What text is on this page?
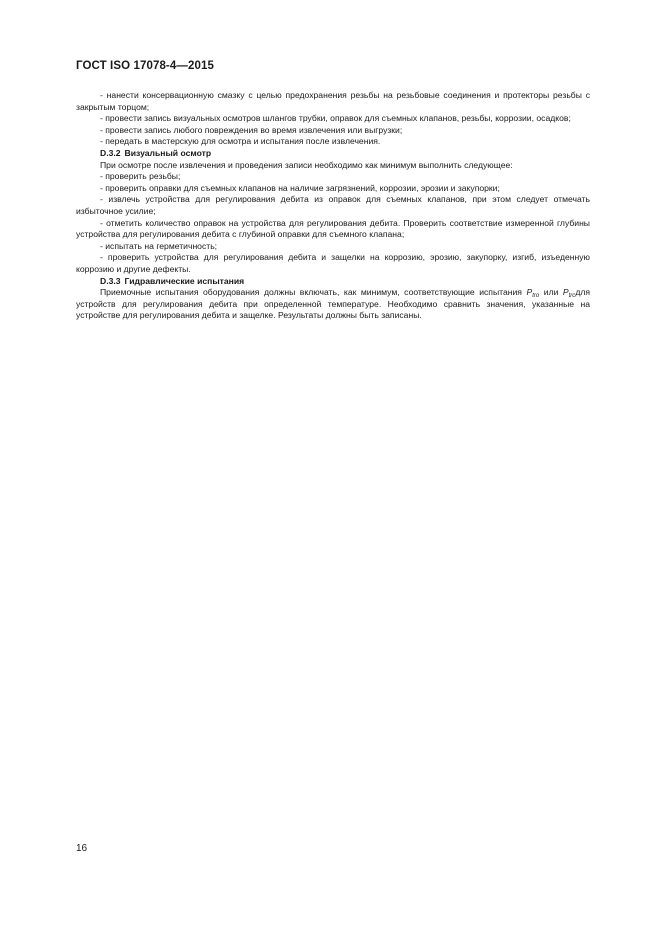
ГОСТ ISO 17078-4—2015

- нанести консервационную смазку с целью предохранения резьбы на резьбовые соединения и протекторы резьбы с закрытым торцом;

- провести запись визуальных осмотров шлангов трубки, оправок для съемных клапанов, резьбы, коррозии, осадков;

- провести запись любого повреждения во время извлечения или выгрузки;

- передать в мастерскую для осмотра и испытания после извлечения.

D.3.2 Визуальный осмотр

При осмотре после извлечения и проведения записи необходимо как минимум выполнить следующее:

- проверить резьбы;

- проверить оправки для съемных клапанов на наличие загрязнений, коррозии, эрозии и закупорки;

- извлечь устройства для регулирования дебита из оправок для съемных клапанов, при этом следует отмечать избыточное усилие;

- отметить количество оправок на устройства для регулирования дебита. Проверить соответствие измеренной глубины устройства для регулирования дебита с глубиной оправки для съемного клапана;

- испытать на герметичность;

- проверить устройства для регулирования дебита и защелки на коррозию, эрозию, закупорку, изгиб, изъеденную коррозию и другие дефекты.

D.3.3 Гидравлические испытания

Приемочные испытания оборудования должны включать, как минимум, соответствующие испытания $P_{tro}$ или $P_{trc}для$ устройств для регулирования дебита при определенной температуре. Необходимо сравнить значения, указанные на устройстве для регулирования дебита и защелке. Результаты должны быть записаны.

16
